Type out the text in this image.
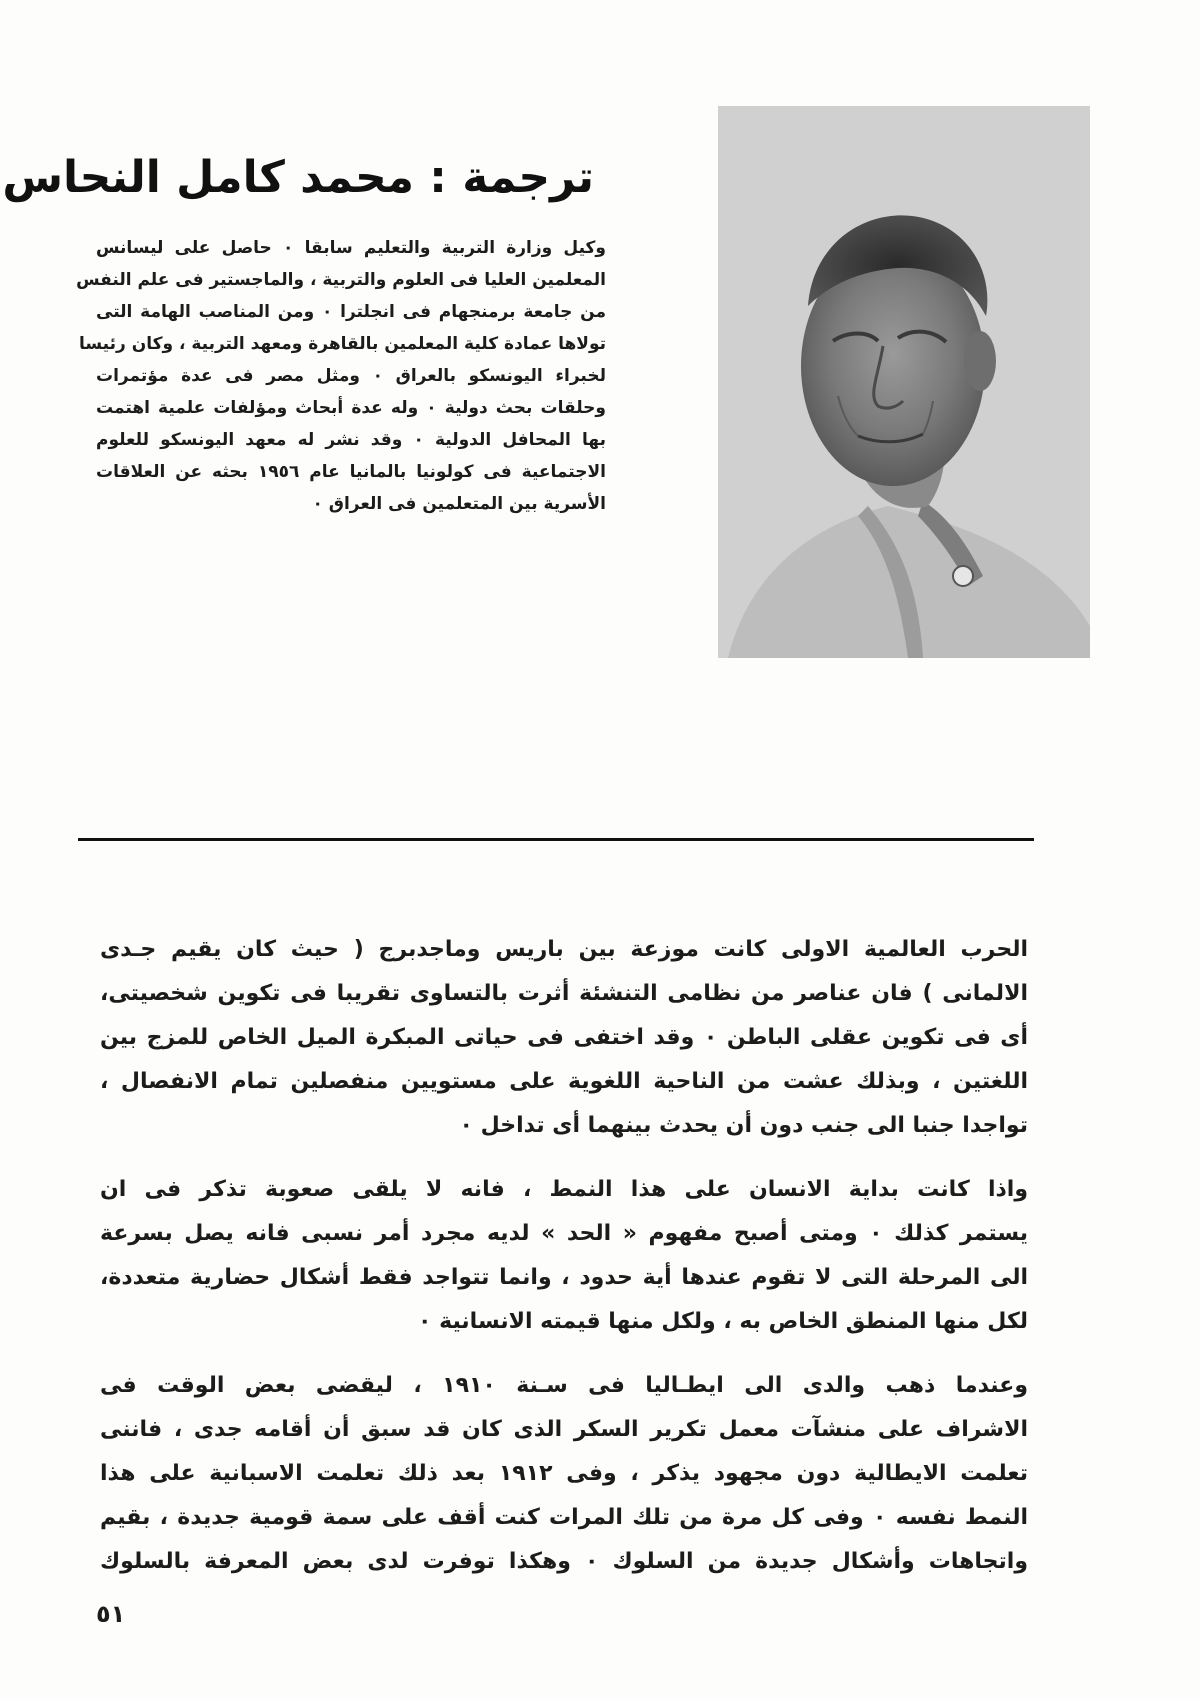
ترجمة : محمد كامل النحاس
وكيل وزارة التربية والتعليم سابقا ٠ حاصل على ليسانس
المعلمين العليا فى العلوم والتربية ، والماجستير فى علم النفس
من جامعة برمنجهام فى انجلترا ٠ ومن المناصب الهامة التى
تولاها عمادة كلية المعلمين بالقاهرة ومعهد التربية ، وكان رئيسا
لخبراء اليونسكو بالعراق ٠ ومثل مصر فى عدة مؤتمرات
وحلقات بحث دولية ٠ وله عدة أبحاث ومؤلفات علمية اهتمت
بها المحافل الدولية ٠ وقد نشر له معهد اليونسكو للعلوم
الاجتماعية فى كولونيا بالمانيا عام ١٩٥٦ بحثه عن العلاقات
الأسرية بين المتعلمين فى العراق ٠
الحرب العالمية الاولى كانت موزعة بين باريس وماجدبرج ( حيث كان يقيم جـدى
الالمانى ) فان عناصر من نظامى التنشئة أثرت بالتساوى تقريبا فى تكوين شخصيتى،
أى فى تكوين عقلى الباطن ٠ وقد اختفى فى حياتى المبكرة الميل الخاص للمزج بين
اللغتين ، وبذلك عشت من الناحية اللغوية على مستويين منفصلين تمام الانفصال ،
تواجدا جنبا الى جنب دون أن يحدث بينهما أى تداخل ٠
واذا كانت بداية الانسان على هذا النمط ، فانه لا يلقى صعوبة تذكر فى ان
يستمر كذلك ٠ ومتى أصبح مفهوم « الحد » لديه مجرد أمر نسبى فانه يصل بسرعة
الى المرحلة التى لا تقوم عندها أية حدود ، وانما تتواجد فقط أشكال حضارية متعددة،
لكل منها المنطق الخاص به ، ولكل منها قيمته الانسانية ٠
وعندما ذهب والدى الى ايطـاليا فى سـنة ١٩١٠ ، ليقضى بعض الوقت فى
الاشراف على منشآت معمل تكرير السكر الذى كان قد سبق أن أقامه جدى ، فاننى
تعلمت الايطالية دون مجهود يذكر ، وفى ١٩١٢ بعد ذلك تعلمت الاسبانية على هذا
النمط نفسه ٠ وفى كل مرة من تلك المرات كنت أقف على سمة قومية جديدة ، بقيم
واتجاهات وأشكال جديدة من السلوك ٠ وهكذا توفرت لدى بعض المعرفة بالسلوك
٥١
